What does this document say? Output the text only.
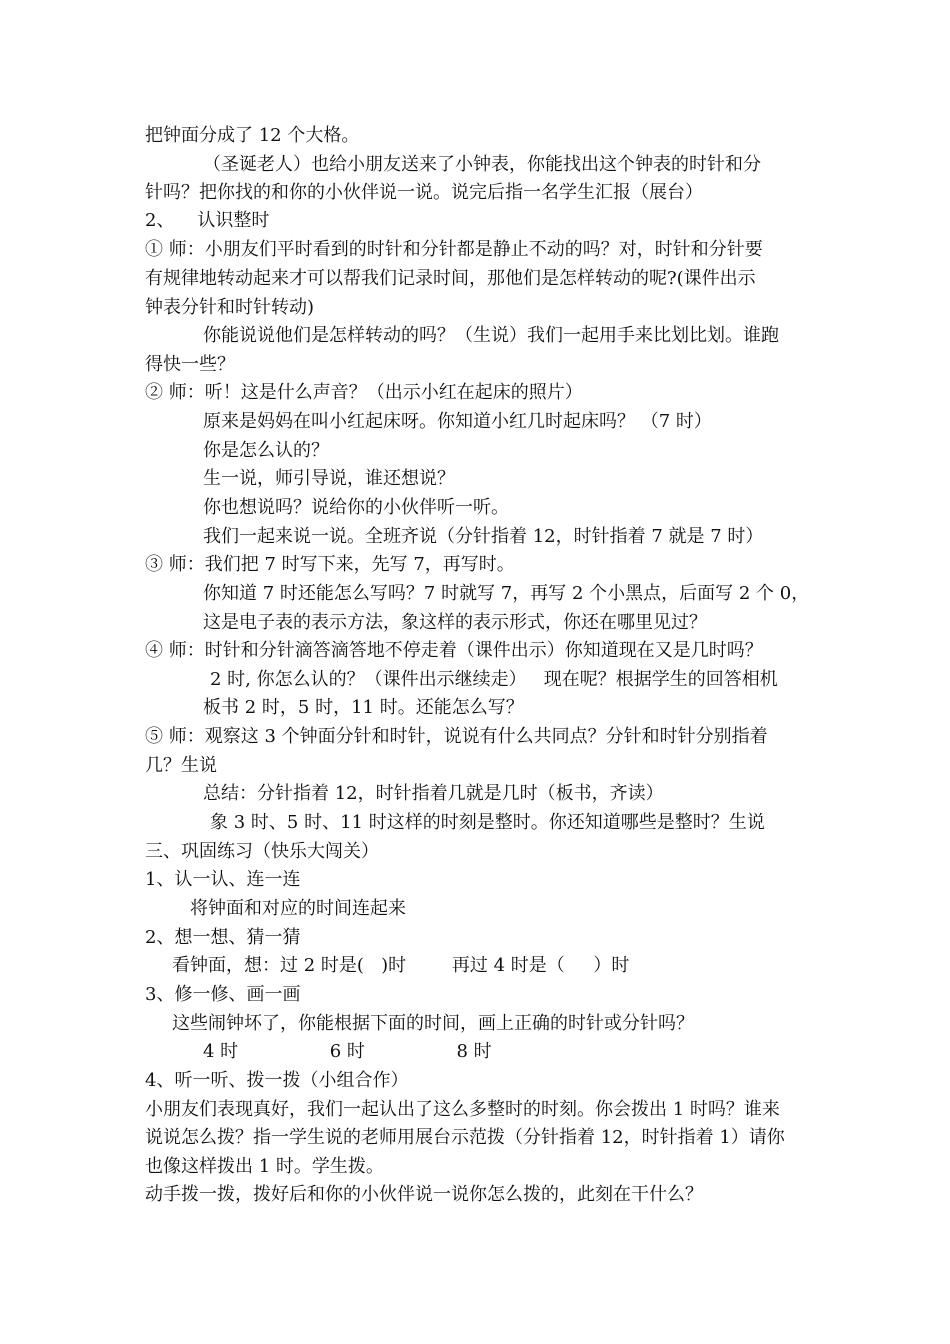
把钟面分成了 12 个大格。
（圣诞老人）也给小朋友送来了小钟表，你能找出这个钟表的时针和分
针吗？把你找的和你的小伙伴说一说。说完后指一名学生汇报（展台）
2、    认识整时
① 师：小朋友们平时看到的时针和分针都是静止不动的吗？对，时针和分针要
有规律地转动起来才可以帮我们记录时间，那他们是怎样转动的呢?(课件出示
钟表分针和时针转动)
你能说说他们是怎样转动的吗？（生说）我们一起用手来比划比划。谁跑
得快一些？
② 师：听！这是什么声音？（出示小红在起床的照片）
原来是妈妈在叫小红起床呀。你知道小红几时起床吗？ （7 时）
你是怎么认的？
生一说，师引导说，谁还想说？
你也想说吗？说给你的小伙伴听一听。
我们一起来说一说。全班齐说（分针指着 12，时针指着 7 就是 7 时）
③ 师：我们把 7 时写下来，先写 7，再写时。
你知道 7 时还能怎么写吗？7 时就写 7，再写 2 个小黑点，后面写 2 个 0，
这是电子表的表示方法，象这样的表示形式，你还在哪里见过？
④ 师：时针和分针滴答滴答地不停走着（课件出示）你知道现在又是几时吗？
2 时, 你怎么认的？（课件出示继续走）   现在呢？根据学生的回答相机
板书 2 时，5 时，11 时。还能怎么写？
⑤ 师：观察这 3 个钟面分针和时针，说说有什么共同点？分针和时针分别指着
几？生说
总结：分针指着 12，时针指着几就是几时（板书，齐读）
象 3 时、5 时、11 时这样的时刻是整时。你还知道哪些是整时？生说
三、巩固练习（快乐大闯关）
1、认一认、连一连
将钟面和对应的时间连起来
2、想一想、猜一猜
看钟面，想：过 2 时是(   )时        再过 4 时是（     ）时
3、修一修、画一画
这些闹钟坏了，你能根据下面的时间，画上正确的时针或分针吗？
4 时                6 时                8 时
4、听一听、拨一拨（小组合作）
小朋友们表现真好，我们一起认出了这么多整时的时刻。你会拨出 1 时吗？谁来
说说怎么拨？指一学生说的老师用展台示范拨（分针指着 12，时针指着 1）请你
也像这样拨出 1 时。学生拨。
动手拨一拨，拨好后和你的小伙伴说一说你怎么拨的，此刻在干什么？
